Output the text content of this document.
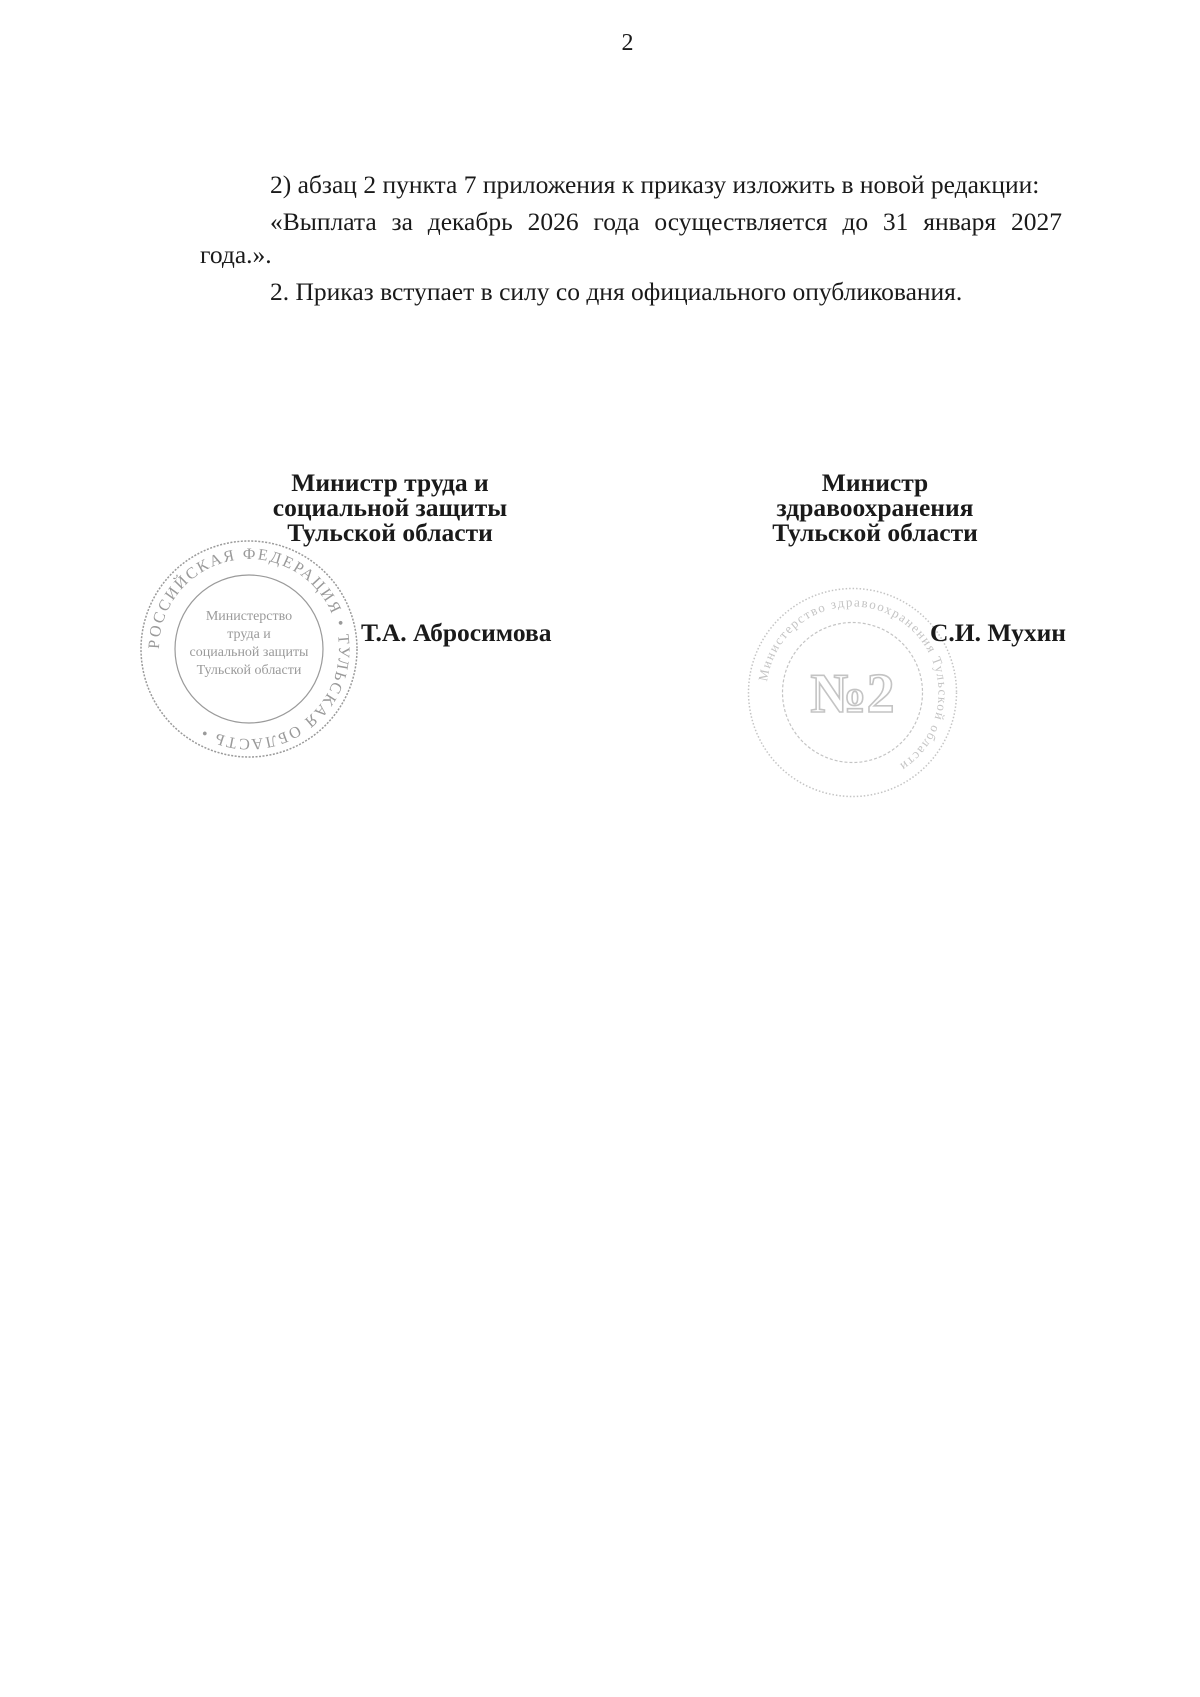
2

2) абзац 2 пункта 7 приложения к приказу изложить в новой редакции:

«Выплата за декабрь 2026 года осуществляется до 31 января 2027 года.».

2. Приказ вступает в силу со дня официального опубликования.

РОССИЙСКАЯ ФЕДЕРАЦИЯ • ТУЛЬСКАЯ ОБЛАСТЬ •
Министерство
труда и
социальной защиты
Тульской области	Министерство здравоохранения Тульской области
№2
Министр труда и
социальной защиты
Тульской области
Министр
здравоохранения
Тульской области
Т.А. Абросимова	С.И. Мухин
